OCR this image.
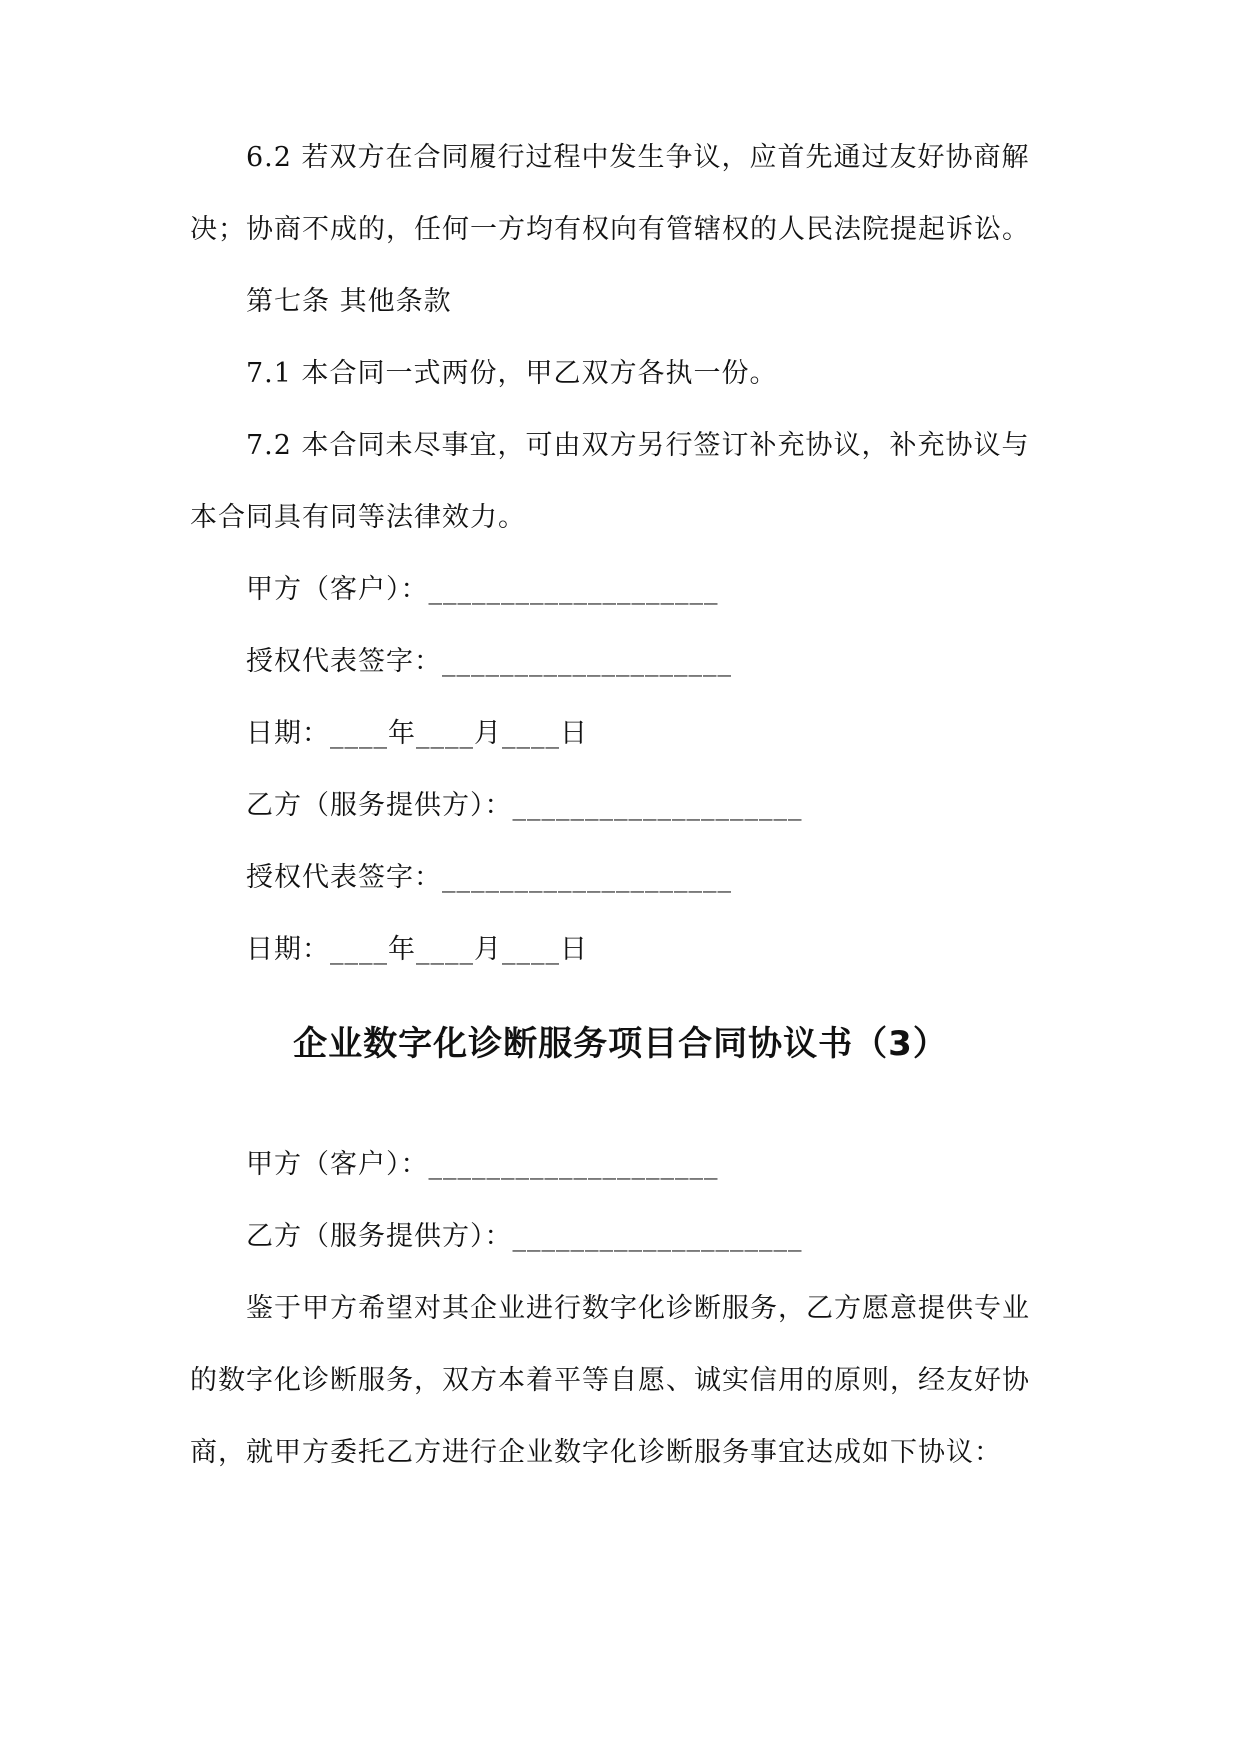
6.2 若双方在合同履行过程中发生争议，应首先通过友好协商解
决；协商不成的，任何一方均有权向有管辖权的人民法院提起诉讼。
第七条 其他条款
7.1 本合同一式两份，甲乙双方各执一份。
7.2 本合同未尽事宜，可由双方另行签订补充协议，补充协议与
本合同具有同等法律效力。
甲方（客户）：____________________
授权代表签字：____________________
日期：____年____月____日
乙方（服务提供方）：____________________
授权代表签字：____________________
日期：____年____月____日
企业数字化诊断服务项目合同协议书（3）
甲方（客户）：____________________
乙方（服务提供方）：____________________
鉴于甲方希望对其企业进行数字化诊断服务，乙方愿意提供专业
的数字化诊断服务，双方本着平等自愿、诚实信用的原则，经友好协
商，就甲方委托乙方进行企业数字化诊断服务事宜达成如下协议：
